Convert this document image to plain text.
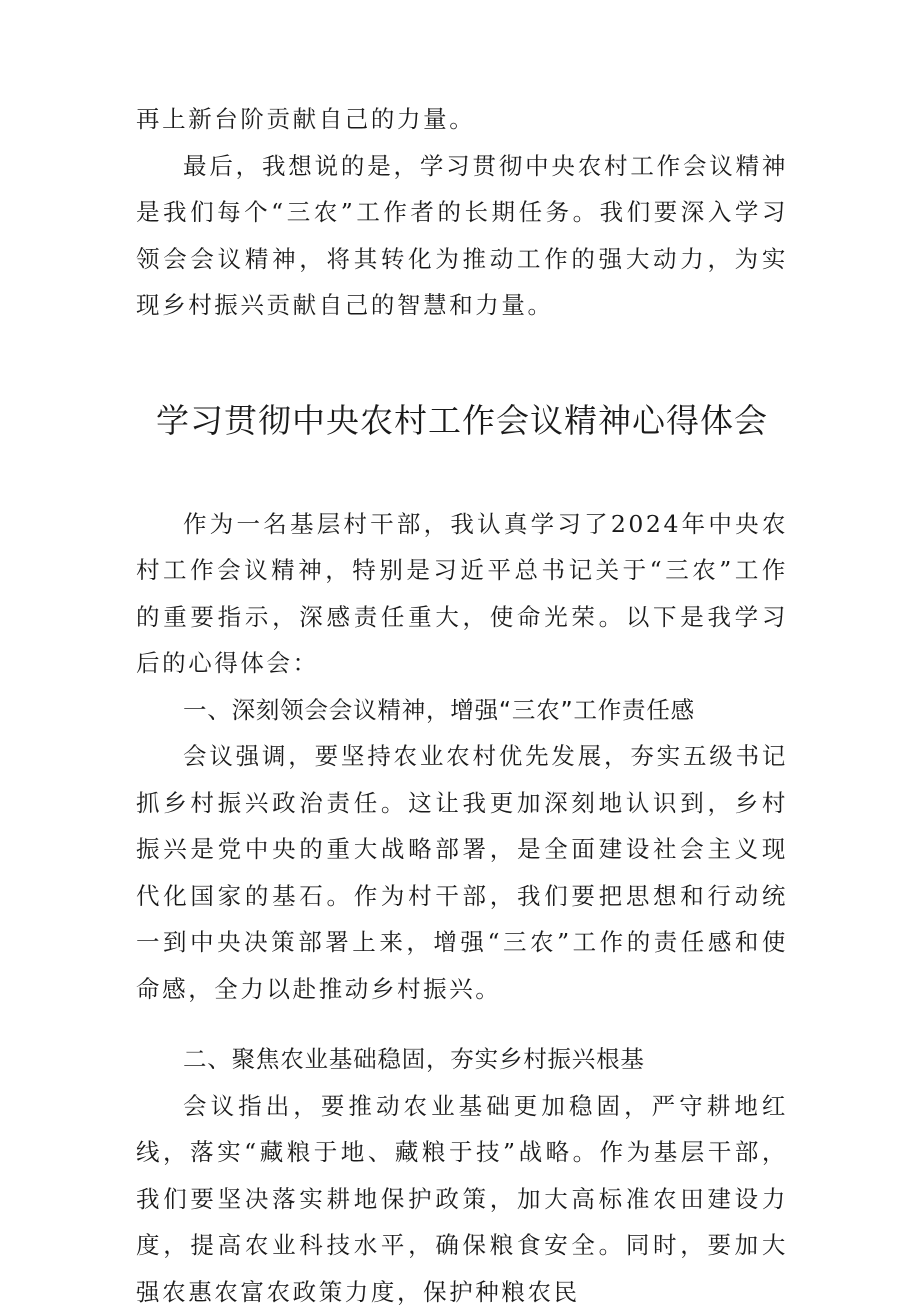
再上新台阶贡献自己的力量。

最后，我想说的是，学习贯彻中央农村工作会议精神是我们每个“三农”工作者的长期任务。我们要深入学习领会会议精神，将其转化为推动工作的强大动力，为实现乡村振兴贡献自己的智慧和力量。

学习贯彻中央农村工作会议精神心得体会

作为一名基层村干部，我认真学习了2024年中央农村工作会议精神，特别是习近平总书记关于“三农”工作的重要指示，深感责任重大，使命光荣。以下是我学习后的心得体会：

一、深刻领会会议精神，增强“三农”工作责任感

会议强调，要坚持农业农村优先发展，夯实五级书记抓乡村振兴政治责任。这让我更加深刻地认识到，乡村振兴是党中央的重大战略部署，是全面建设社会主义现代化国家的基石。作为村干部，我们要把思想和行动统一到中央决策部署上来，增强“三农”工作的责任感和使命感，全力以赴推动乡村振兴。

二、聚焦农业基础稳固，夯实乡村振兴根基

会议指出，要推动农业基础更加稳固，严守耕地红线，落实“藏粮于地、藏粮于技”战略。作为基层干部，我们要坚决落实耕地保护政策，加大高标准农田建设力度，提高农业科技水平，确保粮食安全。同时，要加大强农惠农富农政策力度，保护种粮农民
